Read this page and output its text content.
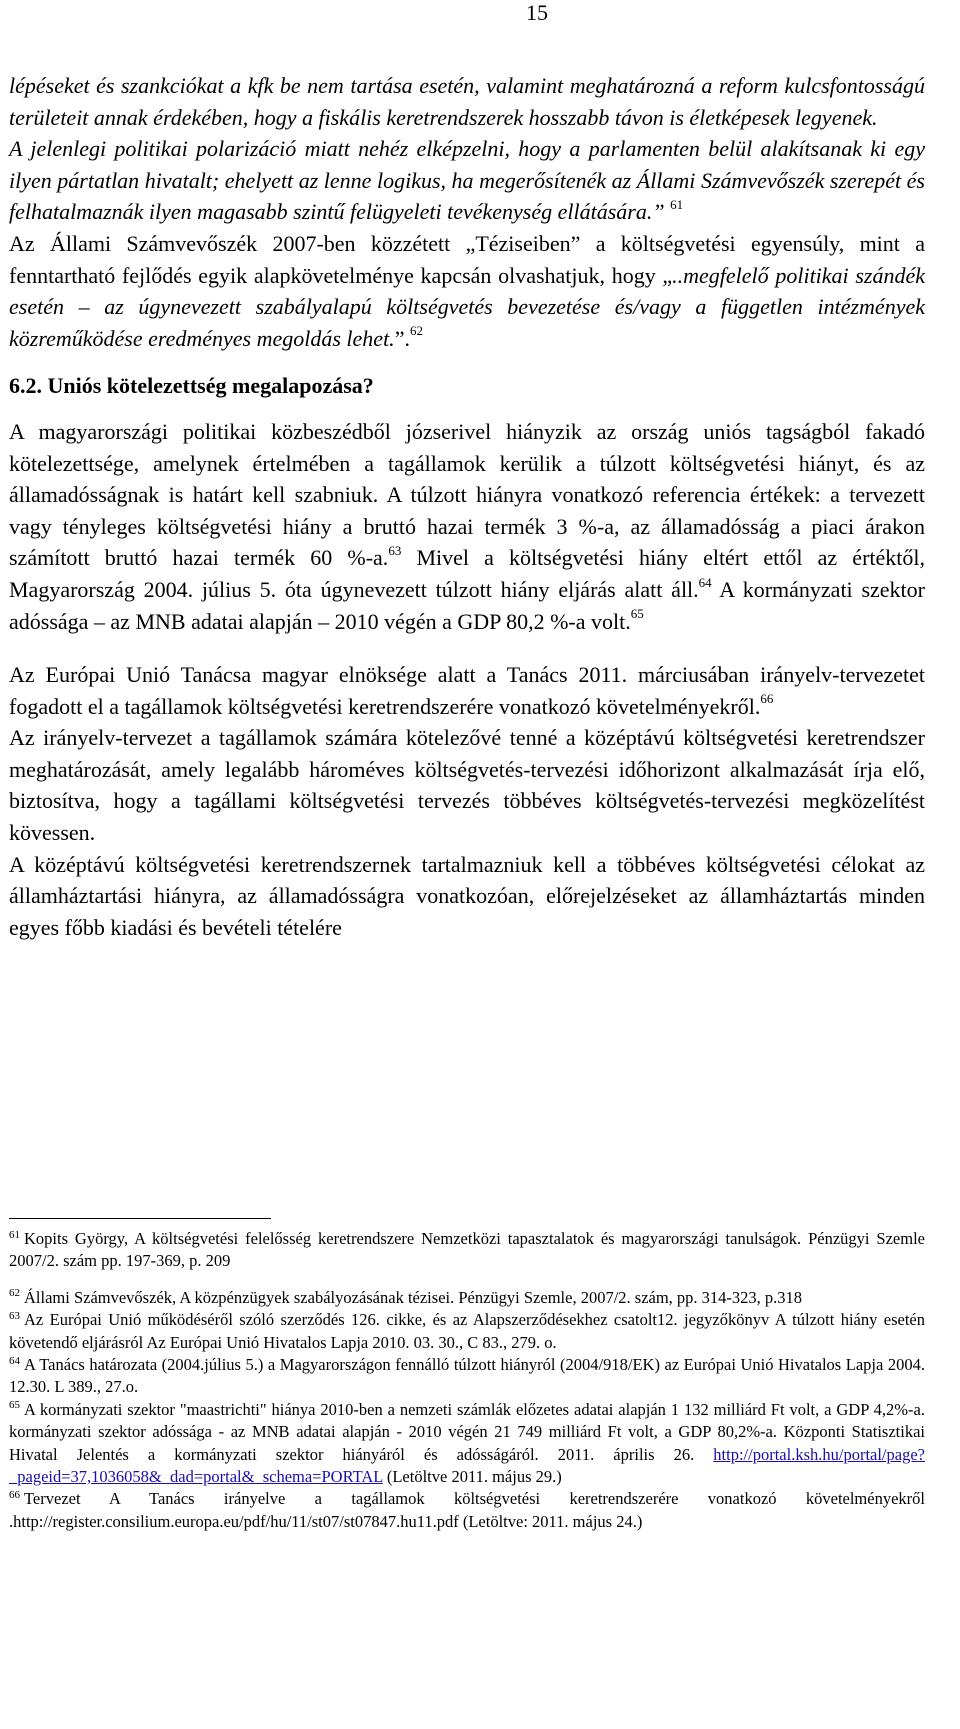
15

lépéseket és szankciókat a kfk be nem tartása esetén, valamint meghatározná a reform kulcsfontosságú területeit annak érdekében, hogy a fiskális keretrendszerek hosszabb távon is életképesek legyenek.

A jelenlegi politikai polarizáció miatt nehéz elképzelni, hogy a parlamenten belül alakítsanak ki egy ilyen pártatlan hivatalt; ehelyett az lenne logikus, ha megerősítenék az Állami Számvevőszék szerepét és felhatalmaznák ilyen magasabb szintű felügyeleti tevékenység ellátására.” $^{61}$

Az Állami Számvevőszék 2007-ben közzétett „Téziseiben” a költségvetési egyensúly, mint a fenntartható fejlődés egyik alapkövetelménye kapcsán olvashatjuk, hogy „..megfelelő politikai szándék esetén – az úgynevezett szabályalapú költségvetés bevezetése és/vagy a független intézmények közreműködése eredményes megoldás lehet.”.$^{62}$

6.2. Uniós kötelezettség megalapozása?

A magyarországi politikai közbeszédből józserivel hiányzik az ország uniós tagságból fakadó kötelezettsége, amelynek értelmében a tagállamok kerülik a túlzott költségvetési hiányt, és az államadósságnak is határt kell szabniuk. A túlzott hiányra vonatkozó referencia értékek: a tervezett vagy tényleges költségvetési hiány a bruttó hazai termék 3 %-a, az államadósság a piaci árakon számított bruttó hazai termék 60 %-a.$^{63}$ Mivel a költségvetési hiány eltért ettől az értéktől, Magyarország 2004. július 5. óta úgynevezett túlzott hiány eljárás alatt áll.$^{64}$ A kormányzati szektor adóssága – az MNB adatai alapján – 2010 végén a GDP 80,2 %-a volt.$^{65}$

Az Európai Unió Tanácsa magyar elnöksége alatt a Tanács 2011. márciusában irányelv-tervezetet fogadott el a tagállamok költségvetési keretrendszerére vonatkozó követelményekről.$^{66}$

Az irányelv-tervezet a tagállamok számára kötelezővé tenné a középtávú költségvetési keretrendszer meghatározását, amely legalább hároméves költségvetés-tervezési időhorizont alkalmazását írja elő, biztosítva, hogy a tagállami költségvetési tervezés többéves költségvetés-tervezési megközelítést kövessen.

A középtávú költségvetési keretrendszernek tartalmazniuk kell a többéves költségvetési célokat az államháztartási hiányra, az államadósságra vonatkozóan, előrejelzéseket az államháztartás minden egyes főbb kiadási és bevételi tételére

$^{61}$ Kopits György, A költségvetési felelősség keretrendszere Nemzetközi tapasztalatok és magyarországi tanulságok. Pénzügyi Szemle 2007/2. szám pp. 197-369, p. 209

$^{62}$ Állami Számvevőszék, A közpénzügyek szabályozásának tézisei. Pénzügyi Szemle, 2007/2. szám, pp. 314-323, p.318

$^{63}$ Az Európai Unió működéséről szóló szerződés 126. cikke, és az Alapszerződésekhez csatolt12. jegyzőkönyv A túlzott hiány esetén követendő eljárásról Az Európai Unió Hivatalos Lapja 2010. 03. 30., C 83., 279. o.

$^{64}$ A Tanács határozata (2004.július 5.) a Magyarországon fennálló túlzott hiányról (2004/918/EK) az Európai Unió Hivatalos Lapja 2004. 12.30. L 389., 27.o.

$^{65}$ A kormányzati szektor "maastrichti" hiánya 2010-ben a nemzeti számlák előzetes adatai alapján 1 132 milliárd Ft volt, a GDP 4,2%-a. kormányzati szektor adóssága - az MNB adatai alapján - 2010 végén 21 749 milliárd Ft volt, a GDP 80,2%-a. Központi Statisztikai Hivatal Jelentés a kormányzati szektor hiányáról és adósságáról. 2011. április 26. http://portal.ksh.hu/portal/page?_pageid=37,1036058&_dad=portal&_schema=PORTAL (Letöltve 2011. május 29.)

$^{66}$ Tervezet A Tanács irányelve a tagállamok költségvetési keretrendszerére vonatkozó követelményekről .http://register.consilium.europa.eu/pdf/hu/11/st07/st07847.hu11.pdf (Letöltve: 2011. május 24.)
